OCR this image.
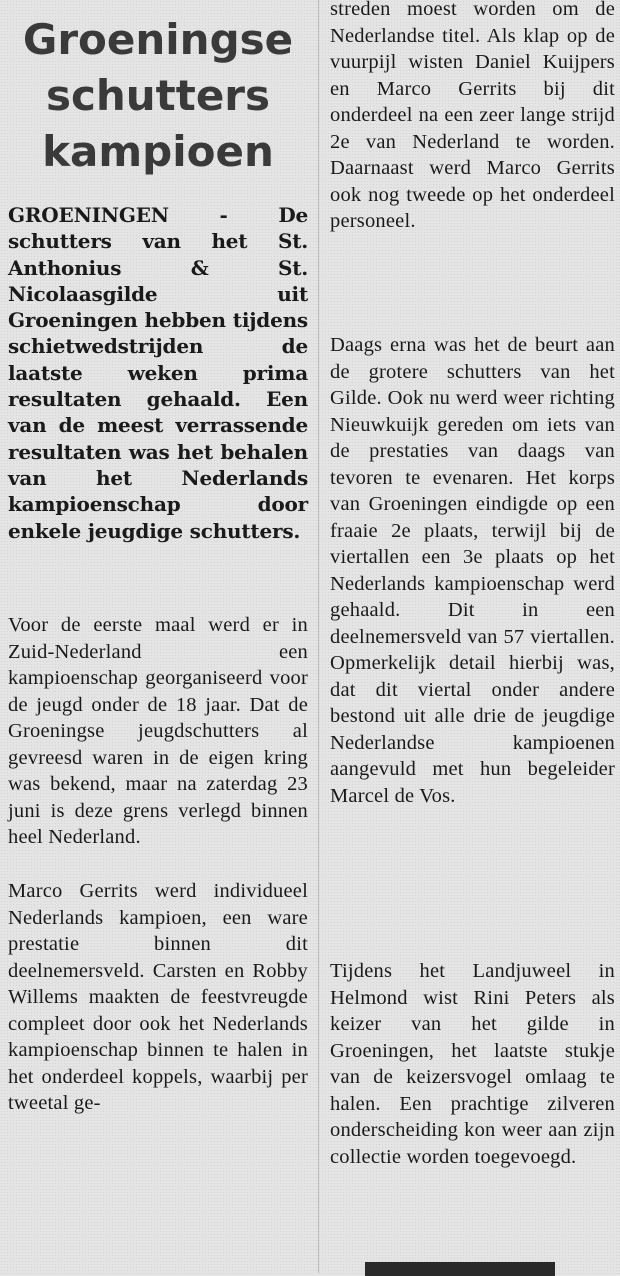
Groeningse
schutters
kampioen

GROENINGEN - De schutters van het St. Anthonius & St. Nicolaasgilde uit Groeningen hebben tijdens schietwedstrijden de laatste weken prima resultaten gehaald. Een van de meest verrassende resultaten was het behalen van het Nederlands kampioenschap door enkele jeugdige schutters.

Voor de eerste maal werd er in Zuid-Nederland een kampioenschap georganiseerd voor de jeugd onder de 18 jaar. Dat de Groeningse jeugdschutters al gevreesd waren in de eigen kring was bekend, maar na zaterdag 23 juni is deze grens verlegd binnen heel Nederland.

Marco Gerrits werd individueel Nederlands kampioen, een ware prestatie binnen dit deelnemersveld. Carsten en Robby Willems maakten de feestvreugde compleet door ook het Nederlands kampioenschap binnen te halen in het onderdeel koppels, waarbij per tweetal ge-

streden moest worden om de Nederlandse titel. Als klap op de vuurpijl wisten Daniel Kuijpers en Marco Gerrits bij dit onderdeel na een zeer lange strijd 2e van Nederland te worden. Daarnaast werd Marco Gerrits ook nog tweede op het onderdeel personeel.

Daags erna was het de beurt aan de grotere schutters van het Gilde. Ook nu werd weer richting Nieuwkuijk gereden om iets van de prestaties van daags van tevoren te evenaren. Het korps van Groeningen eindigde op een fraaie 2e plaats, terwijl bij de viertallen een 3e plaats op het Nederlands kampioenschap werd gehaald. Dit in een deelnemersveld van 57 viertallen. Opmerkelijk detail hierbij was, dat dit viertal onder andere bestond uit alle drie de jeugdige Nederlandse kampioenen aangevuld met hun begeleider Marcel de Vos.

Tijdens het Landjuweel in Helmond wist Rini Peters als keizer van het gilde in Groeningen, het laatste stukje van de keizersvogel omlaag te halen. Een prachtige zilveren onderscheiding kon weer aan zijn collectie worden toegevoegd.
